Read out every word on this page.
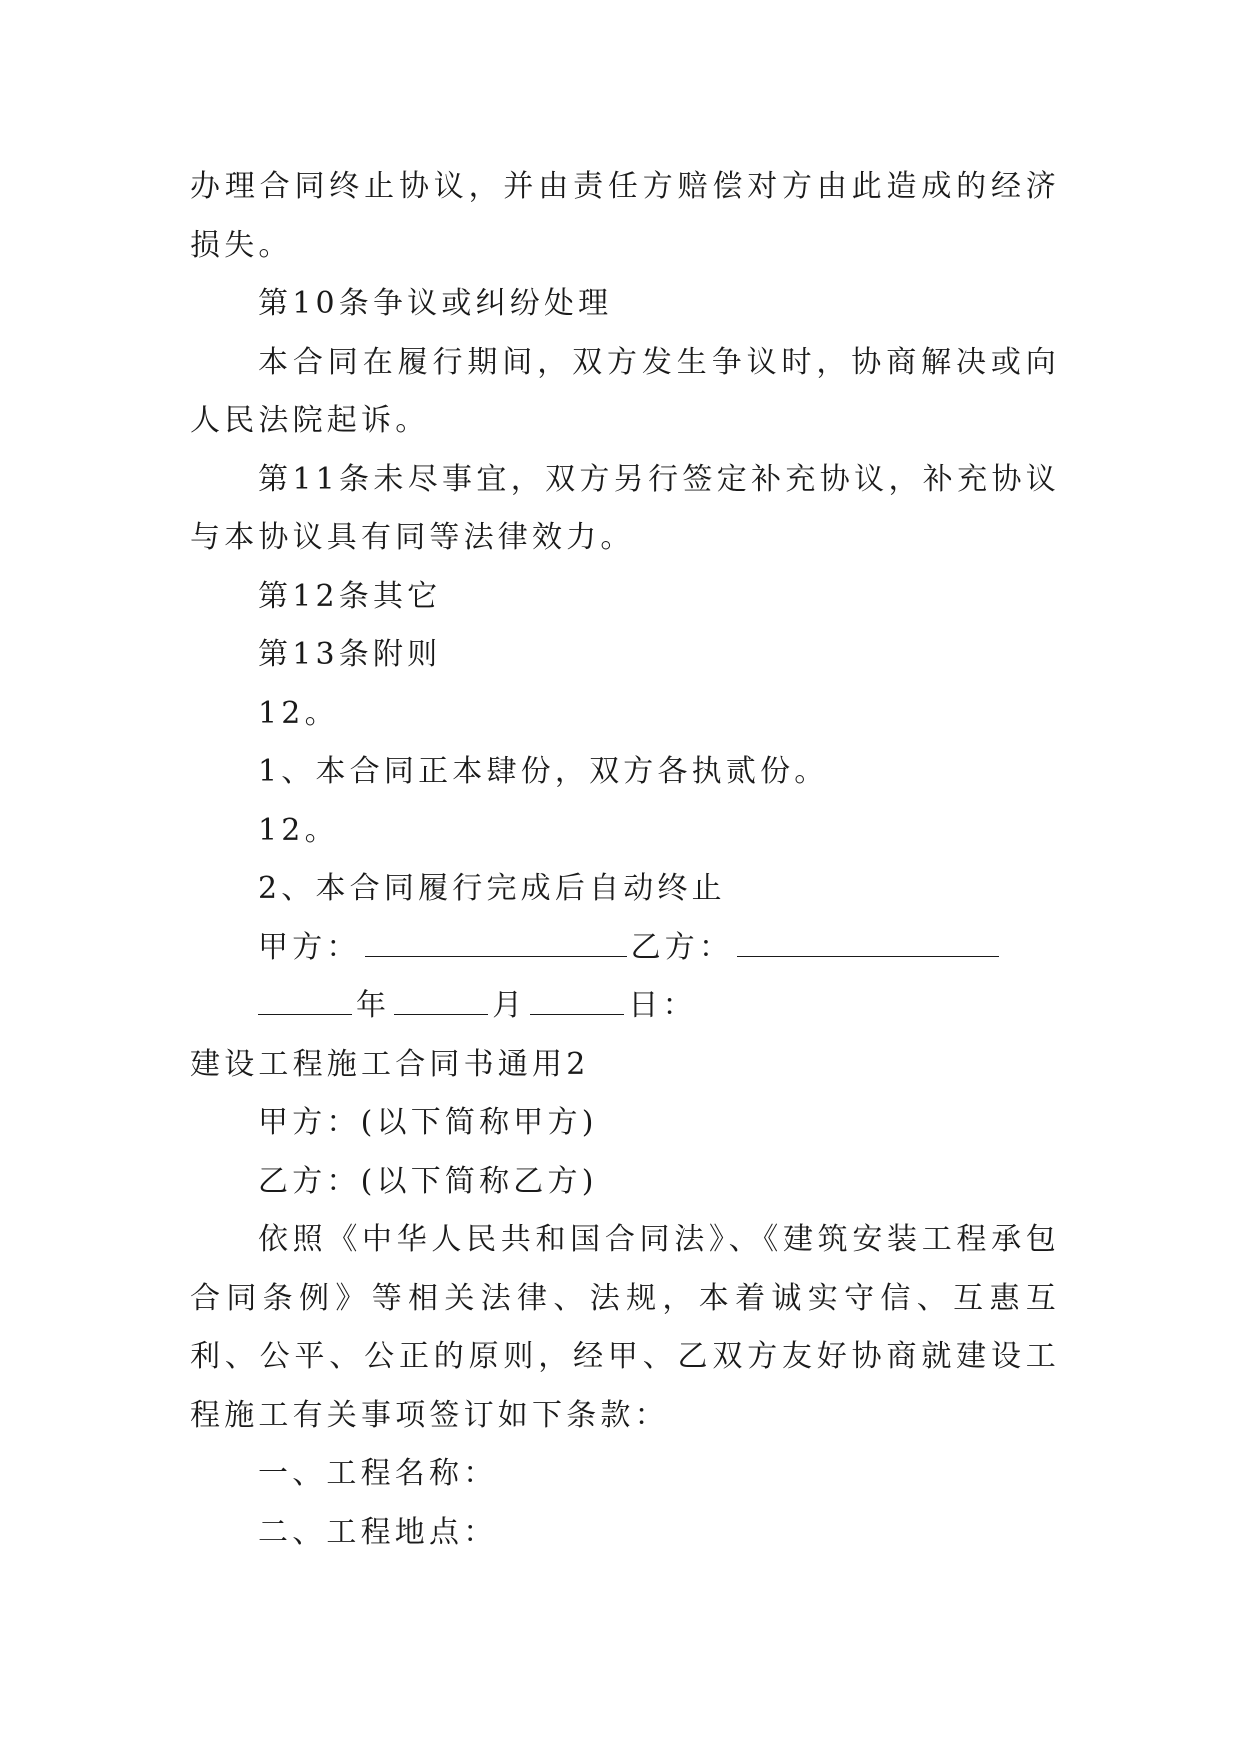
办理合同终止协议，并由责任方赔偿对方由此造成的经济损失。

第10条争议或纠纷处理

本合同在履行期间，双方发生争议时，协商解决或向人民法院起诉。

第11条未尽事宜，双方另行签定补充协议，补充协议与本协议具有同等法律效力。

第12条其它

第13条附则

12。

1、本合同正本肆份，双方各执贰份。

12。

2、本合同履行完成后自动终止

甲方：	乙方：

年	月	日：

建设工程施工合同书通用2

甲方：(以下简称甲方)

乙方：(以下简称乙方)

依照《中华人民共和国合同法》、《建筑安装工程承包合同条例》等相关法律、法规，本着诚实守信、互惠互利、公平、公正的原则，经甲、乙双方友好协商就建设工程施工有关事项签订如下条款：

一、工程名称：

二、工程地点：
